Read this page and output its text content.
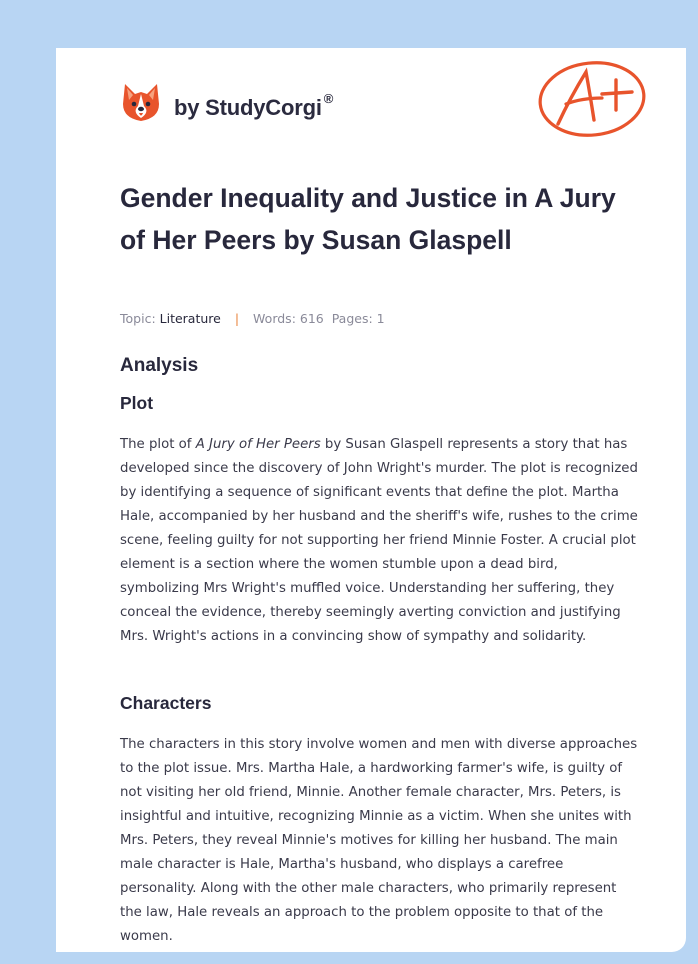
by StudyCorgi ®
Gender Inequality and Justice in A Jury of Her Peers by Susan Glaspell
Topic: Literature | Words: 616 Pages: 1
Analysis
Plot

The plot of A Jury of Her Peers by Susan Glaspell represents a story that has developed since the discovery of John Wright's murder. The plot is recognized by identifying a sequence of significant events that define the plot. Martha Hale, accompanied by her husband and the sheriff's wife, rushes to the crime scene, feeling guilty for not supporting her friend Minnie Foster. A crucial plot element is a section where the women stumble upon a dead bird, symbolizing Mrs Wright's muffled voice. Understanding her suffering, they conceal the evidence, thereby seemingly averting conviction and justifying Mrs. Wright's actions in a convincing show of sympathy and solidarity.

Characters

The characters in this story involve women and men with diverse approaches to the plot issue. Mrs. Martha Hale, a hardworking farmer's wife, is guilty of not visiting her old friend, Minnie. Another female character, Mrs. Peters, is insightful and intuitive, recognizing Minnie as a victim. When she unites with Mrs. Peters, they reveal Minnie's motives for killing her husband. The main male character is Hale, Martha's husband, who displays a carefree personality. Along with the other male characters, who primarily represent the law, Hale reveals an approach to the problem opposite to that of the women.
